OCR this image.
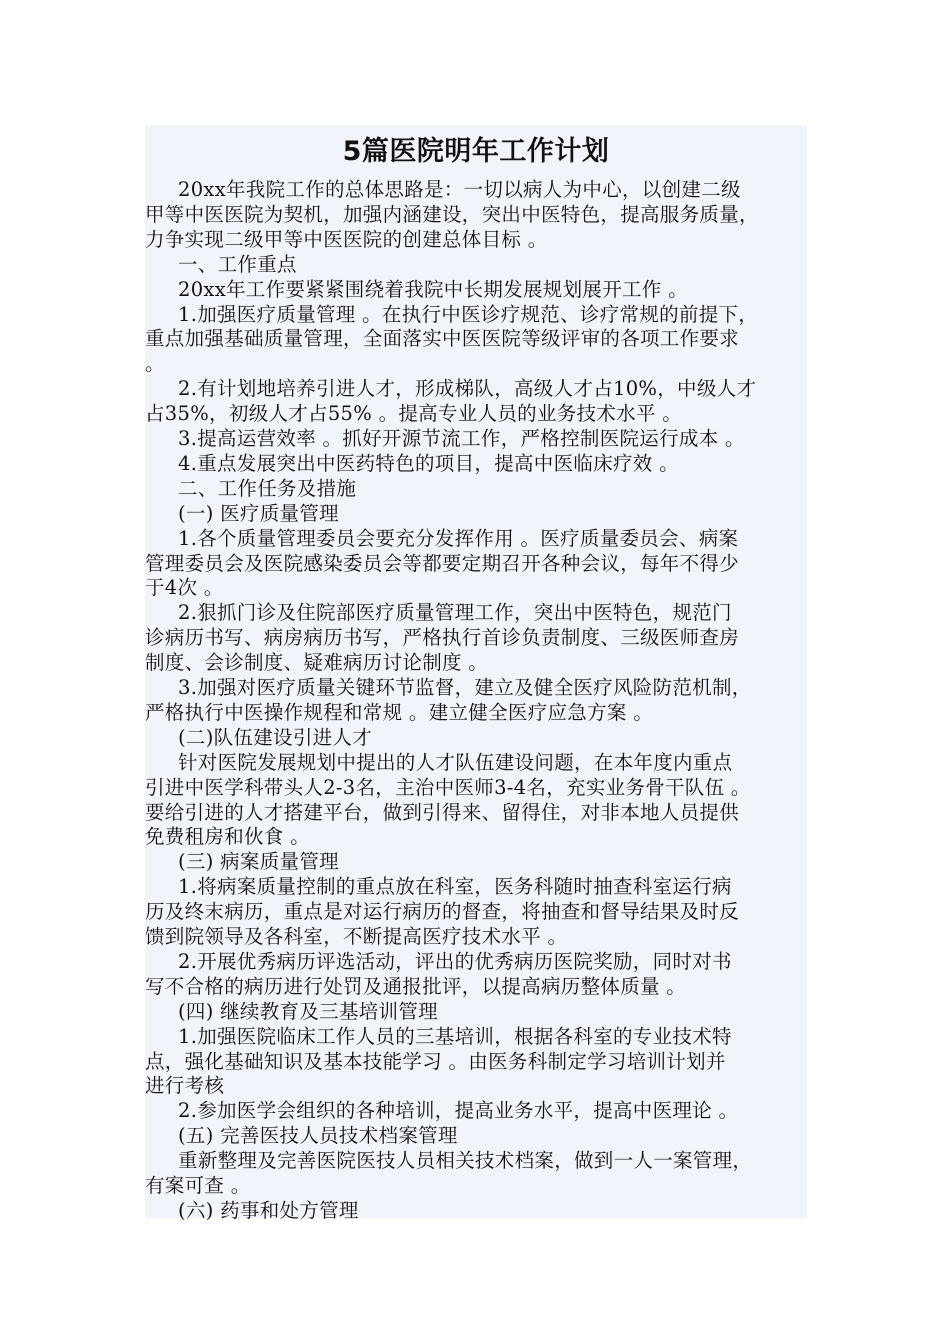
5篇医院明年工作计划
20xx年我院工作的总体思路是：一切以病人为中心，以创建二级
甲等中医医院为契机，加强内涵建设，突出中医特色，提高服务质量，
力争实现二级甲等中医医院的创建总体目标 。
一、工作重点
20xx年工作要紧紧围绕着我院中长期发展规划展开工作 。
1.加强医疗质量管理 。在执行中医诊疗规范、诊疗常规的前提下，
重点加强基础质量管理，全面落实中医医院等级评审的各项工作要求
。
2.有计划地培养引进人才，形成梯队，高级人才占10%，中级人才
占35%，初级人才占55% 。提高专业人员的业务技术水平 。
3.提高运营效率 。抓好开源节流工作，严格控制医院运行成本 。
4.重点发展突出中医药特色的项目，提高中医临床疗效 。
二、工作任务及措施
(一) 医疗质量管理
1.各个质量管理委员会要充分发挥作用 。医疗质量委员会、病案
管理委员会及医院感染委员会等都要定期召开各种会议，每年不得少
于4次 。
2.狠抓门诊及住院部医疗质量管理工作，突出中医特色，规范门
诊病历书写、病房病历书写，严格执行首诊负责制度、三级医师查房
制度、会诊制度、疑难病历讨论制度 。
3.加强对医疗质量关键环节监督，建立及健全医疗风险防范机制，
严格执行中医操作规程和常规 。建立健全医疗应急方案 。
(二)队伍建设引进人才
针对医院发展规划中提出的人才队伍建设问题，在本年度内重点
引进中医学科带头人2-3名，主治中医师3-4名，充实业务骨干队伍 。
要给引进的人才搭建平台，做到引得来、留得住，对非本地人员提供
免费租房和伙食 。
(三) 病案质量管理
1.将病案质量控制的重点放在科室，医务科随时抽查科室运行病
历及终末病历，重点是对运行病历的督查，将抽查和督导结果及时反
馈到院领导及各科室，不断提高医疗技术水平 。
2.开展优秀病历评选活动，评出的优秀病历医院奖励，同时对书
写不合格的病历进行处罚及通报批评，以提高病历整体质量 。
(四) 继续教育及三基培训管理
1.加强医院临床工作人员的三基培训，根据各科室的专业技术特
点，强化基础知识及基本技能学习 。由医务科制定学习培训计划并
进行考核
2.参加医学会组织的各种培训，提高业务水平，提高中医理论 。
(五) 完善医技人员技术档案管理
重新整理及完善医院医技人员相关技术档案，做到一人一案管理，
有案可查 。
(六) 药事和处方管理
